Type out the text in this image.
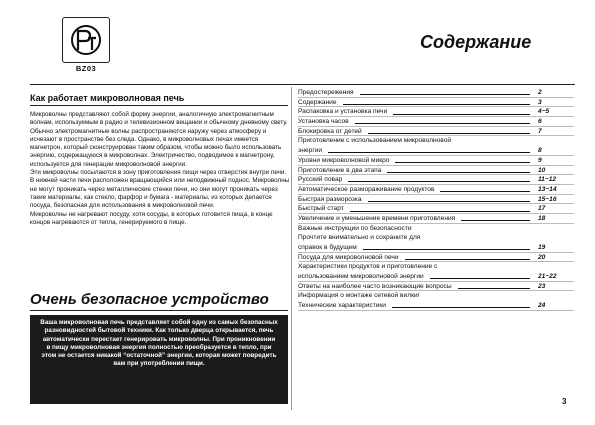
BZ03
Содержание
Как работает микроволновая печь

Микроволны представляют собой форму энергии, аналогичную электромагнитным волнам, используемым в радио и телевизионном вещании и обычному дневному свету. Обычно электромагнитные волны распространяются наружу через атмосферу и исчезают в пространстве без следа. Однако, в микроволновых печах имеется магнетрон, который сконструирован таким образом, чтобы можно было использовать энергию, содержащуюся в микроволнах. Электричество, подводимое к магнетрону, используется для генерации микроволновой энергии.

Эти микроволны посылаются в зону приготовления пищи через отверстия внутри печи. В нижней части печи расположен вращающийся или неподвижный поднос. Микроволны не могут проникать через металлические стенки печи, но они могут проникать через такие материалы, как стекло, фарфор и бумага - материалы, из которых делается посуда, безопасная для использования в микроволновой печи.

Микроволны не нагревают посуду, хотя сосуды, в которых готовится пища, в конце концов нагреваются от тепла, генерируемого в пище.

Очень безопасное устройство
Ваша микроволновая печь представляет собой одну из самых безопасных разновидностей бытовой техники. Как только дверца открывается, печь автоматически перестает генерировать микроволны. При проникновении в пищу микроволновая энергия полностью преобразуется в тепло, при этом не остается никакой “остаточной” энергии, которая может повредить вам при употреблении пищи.
Предостережения	2
Содержание	3
Распаковка и установка печи	4~5
Установка часов	6
Блокировка от детей	7
Приготовление с использованием микроволновой
энергии	8
Уровни микроволновой микро	9
Приготовление в два этапа	10
Русский повар	11~12
Автоматическое размораживание продуктов	13~14
Быстрая разморозка	15~16
Быстрый старт	17
Увеличение и уменьшение времени приготовления	18
Важные инструкции по безопасности
Прочтите внимательно и сохраните для
справок в будущем	19
Посуда для микроволновой печи	20
Характеристики продуктов и приготовление с
использованием микроволновой энергии	21~22
Ответы на наиболее часто возникающие вопросы	23
Информация о монтаже сетевой вилки/
Технические характеристики	24
3
